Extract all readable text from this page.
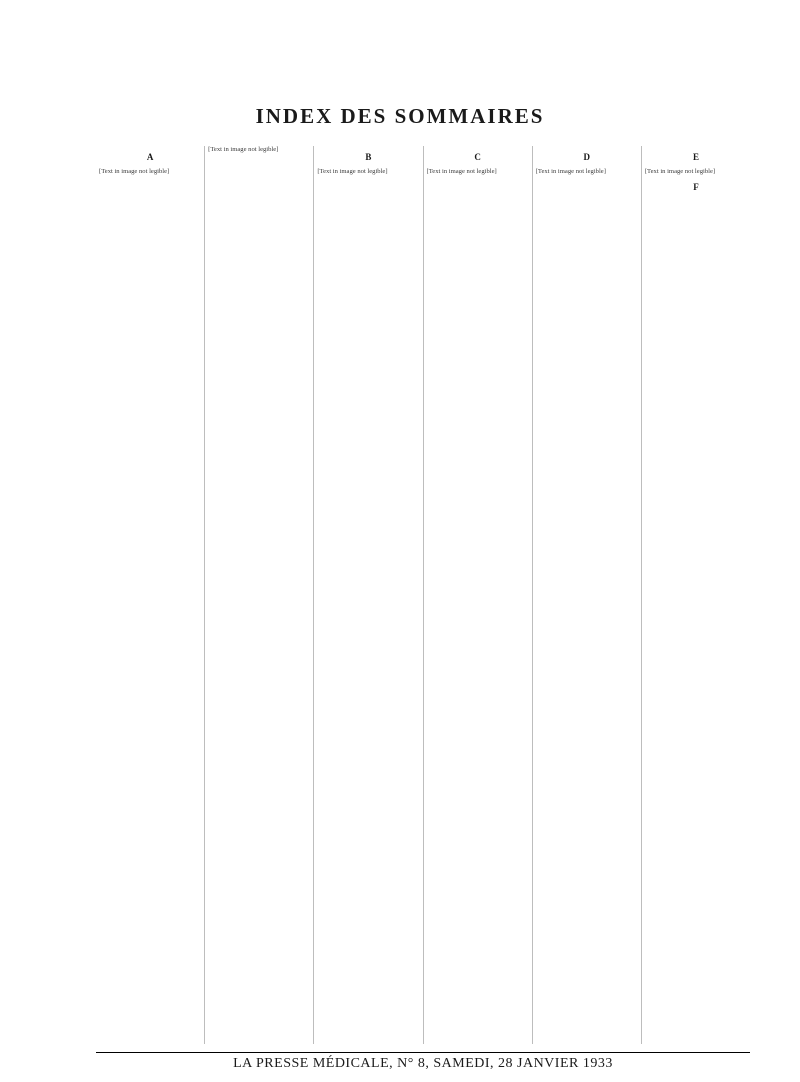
INDEX DES SOMMAIRES
A
[Text in image not legible]
[Text in image not legible]
B
[Text in image not legible]
C
[Text in image not legible]
D
[Text in image not legible]
E
[Text in image not legible]
F
LA PRESSE MÉDICALE, N° 8, SAMEDI, 28 JANVIER 1933
